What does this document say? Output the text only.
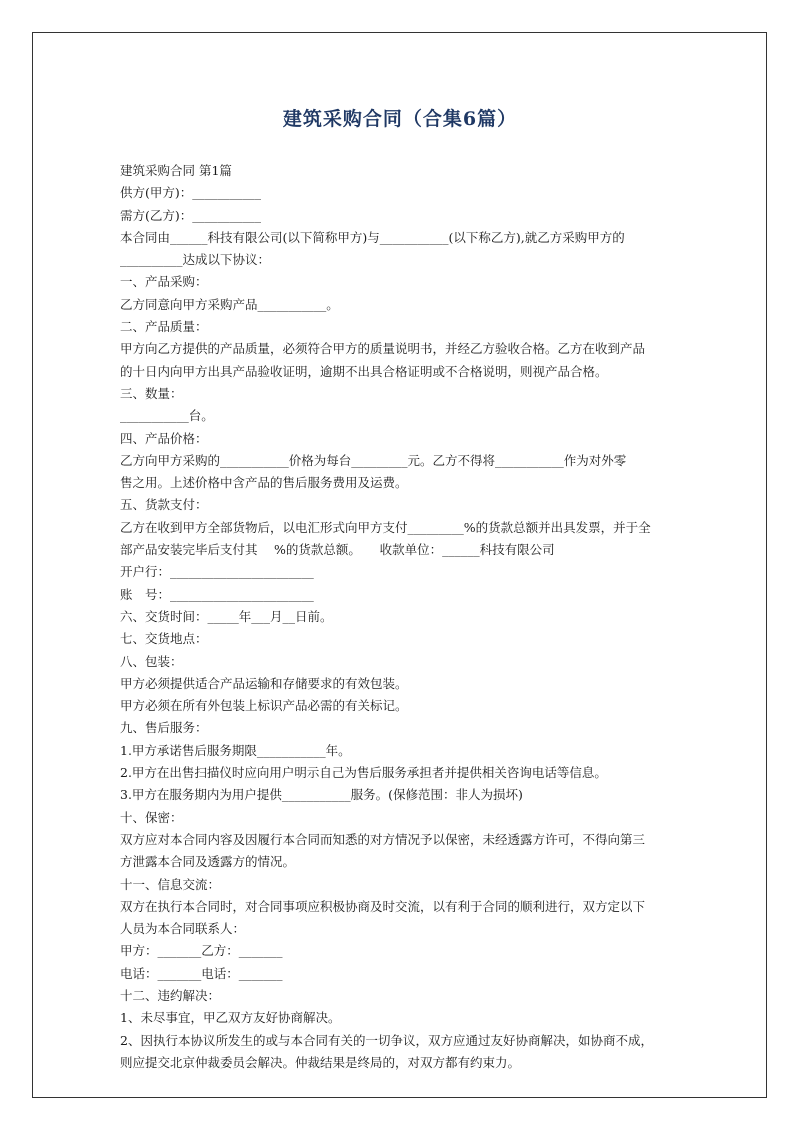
建筑采购合同（合集6篇）
建筑采购合同 第1篇
供方(甲方)：___________
需方(乙方)：___________
本合同由______科技有限公司(以下简称甲方)与___________(以下称乙方),就乙方采购甲方的
__________达成以下协议：
一、产品采购：
乙方同意向甲方采购产品___________。
二、产品质量：
甲方向乙方提供的产品质量，必须符合甲方的质量说明书，并经乙方验收合格。乙方在收到产品
的十日内向甲方出具产品验收证明，逾期不出具合格证明或不合格说明，则视产品合格。
三、数量：
___________台。
四、产品价格：
乙方向甲方采购的___________价格为每台_________元。乙方不得将___________作为对外零
售之用。上述价格中含产品的售后服务费用及运费。
五、货款支付：
乙方在收到甲方全部货物后，以电汇形式向甲方支付_________%的货款总额并出具发票，并于全
部产品安装完毕后支付其　 %的货款总额。　　收款单位：______科技有限公司
开户行：_______________________
账　号：_______________________
六、交货时间：_____年___月__日前。
七、交货地点：
八、包装：
甲方必须提供适合产品运输和存储要求的有效包装。
甲方必须在所有外包装上标识产品必需的有关标记。
九、售后服务：
1.甲方承诺售后服务期限___________年。
2.甲方在出售扫描仪时应向用户明示自己为售后服务承担者并提供相关咨询电话等信息。
3.甲方在服务期内为用户提供___________服务。(保修范围：非人为损坏)
十、保密：
双方应对本合同内容及因履行本合同而知悉的对方情况予以保密，未经透露方许可，不得向第三
方泄露本合同及透露方的情况。
十一、信息交流：
双方在执行本合同时，对合同事项应积极协商及时交流，以有利于合同的顺利进行，双方定以下
人员为本合同联系人：
甲方：_______乙方：_______
电话：_______电话：_______
十二、违约解决：
1、未尽事宜，甲乙双方友好协商解决。
2、因执行本协议所发生的或与本合同有关的一切争议，双方应通过友好协商解决，如协商不成，
则应提交北京仲裁委员会解决。仲裁结果是终局的，对双方都有约束力。
